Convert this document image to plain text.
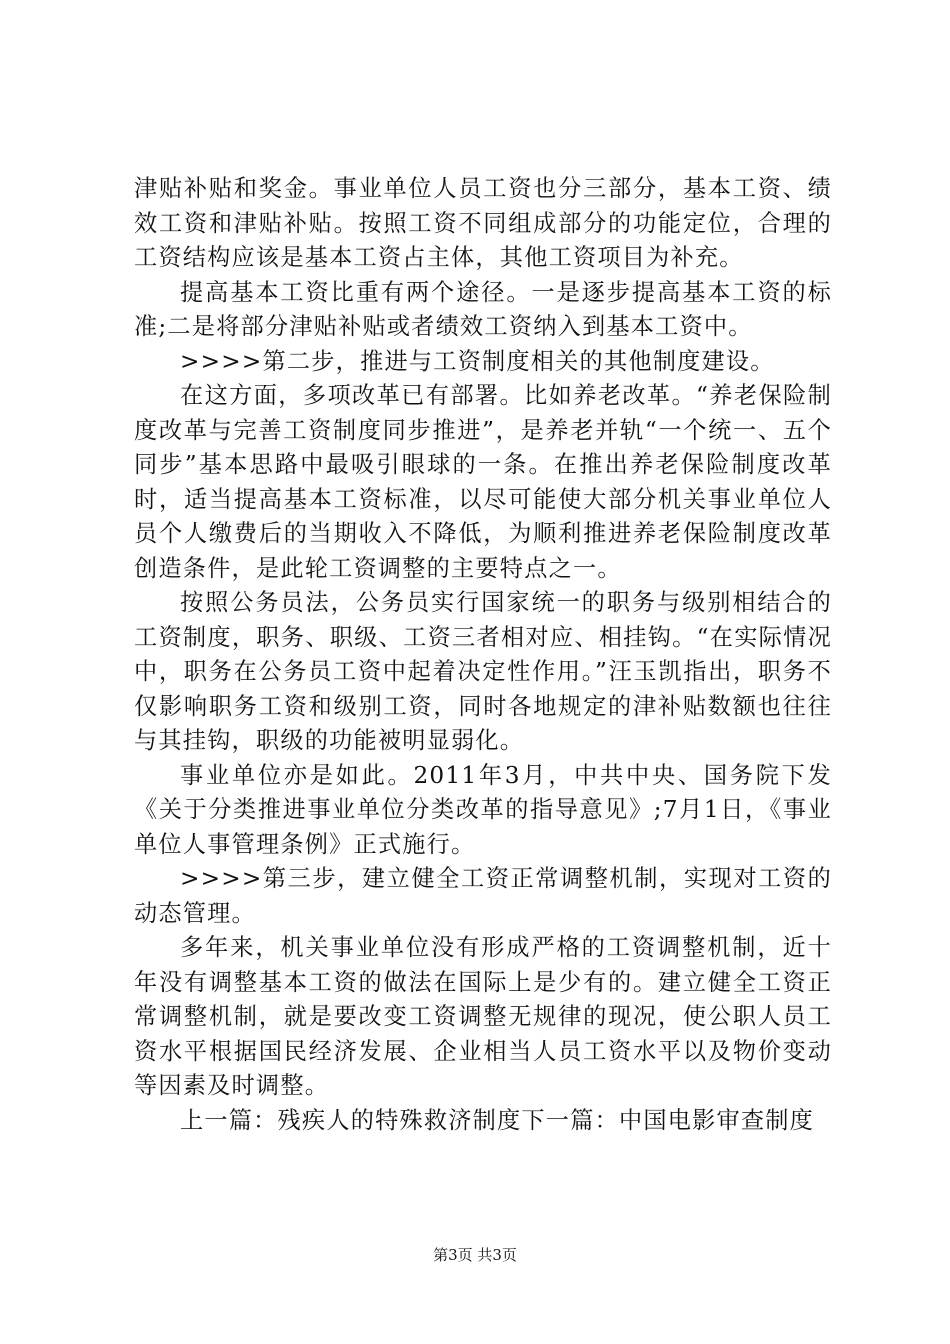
津贴补贴和奖金。事业单位人员工资也分三部分，基本工资、绩效工资和津贴补贴。按照工资不同组成部分的功能定位，合理的工资结构应该是基本工资占主体，其他工资项目为补充。

提高基本工资比重有两个途径。一是逐步提高基本工资的标准;二是将部分津贴补贴或者绩效工资纳入到基本工资中。

>>>>第二步，推进与工资制度相关的其他制度建设。

在这方面，多项改革已有部署。比如养老改革。“养老保险制度改革与完善工资制度同步推进”，是养老并轨“一个统一、五个同步”基本思路中最吸引眼球的一条。在推出养老保险制度改革时，适当提高基本工资标准，以尽可能使大部分机关事业单位人员个人缴费后的当期收入不降低，为顺利推进养老保险制度改革创造条件，是此轮工资调整的主要特点之一。

按照公务员法，公务员实行国家统一的职务与级别相结合的工资制度，职务、职级、工资三者相对应、相挂钩。“在实际情况中，职务在公务员工资中起着决定性作用。”汪玉凯指出，职务不仅影响职务工资和级别工资，同时各地规定的津补贴数额也往往与其挂钩，职级的功能被明显弱化。

事业单位亦是如此。2011年3月，中共中央、国务院下发《关于分类推进事业单位分类改革的指导意见》;7月1日，《事业单位人事管理条例》正式施行。

>>>>第三步，建立健全工资正常调整机制，实现对工资的动态管理。

多年来，机关事业单位没有形成严格的工资调整机制，近十年没有调整基本工资的做法在国际上是少有的。建立健全工资正常调整机制，就是要改变工资调整无规律的现况，使公职人员工资水平根据国民经济发展、企业相当人员工资水平以及物价变动等因素及时调整。

上一篇：残疾人的特殊救济制度下一篇：中国电影审查制度

第3页 共3页
